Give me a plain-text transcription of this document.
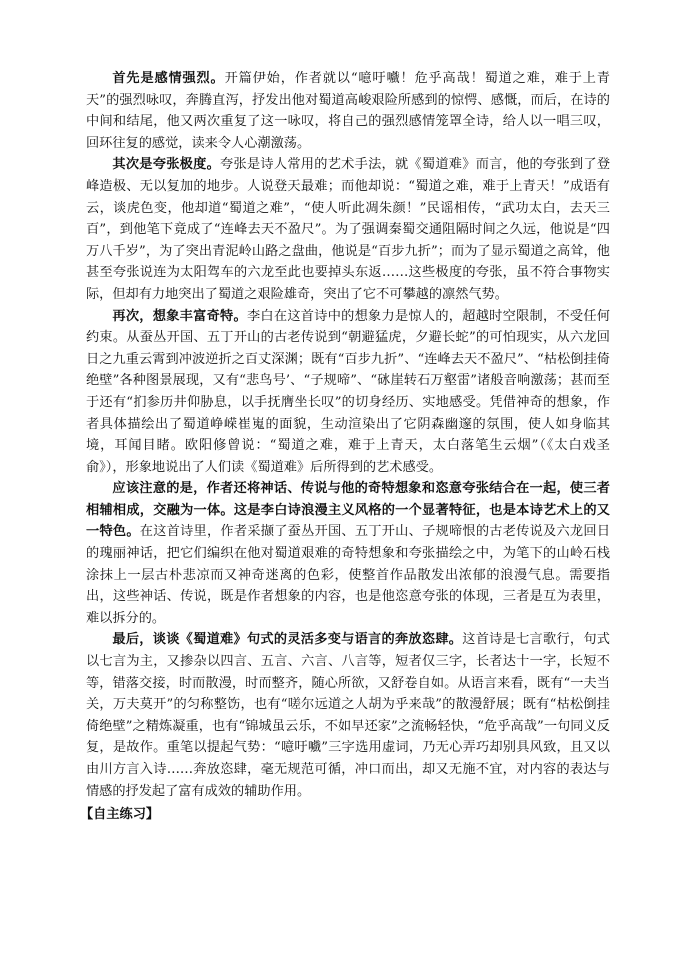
首先是感情强烈。开篇伊始，作者就以“噫吁嚱！危乎高哉！蜀道之难，难于上青天”的强烈咏叹，奔腾直泻，抒发出他对蜀道高峻艰险所感到的惊愕、感慨，而后，在诗的中间和结尾，他又两次重复了这一咏叹，将自己的强烈感情笼罩全诗，给人以一唱三叹，回环往复的感觉，读来令人心潮激荡。

其次是夸张极度。夸张是诗人常用的艺术手法，就《蜀道难》而言，他的夸张到了登峰造极、无以复加的地步。人说登天最难；而他却说：“蜀道之难，难于上青天！”成语有云，谈虎色变，他却道“蜀道之难”，“使人听此凋朱颜！”民谣相传，“武功太白，去天三百”，到他笔下竟成了“连峰去天不盈尺”。为了强调秦蜀交通阻隔时间之久远，他说是“四万八千岁”，为了突出青泥岭山路之盘曲，他说是“百步九折”；而为了显示蜀道之高耸，他甚至夸张说连为太阳驾车的六龙至此也要掉头东返……这些极度的夸张，虽不符合事物实际，但却有力地突出了蜀道之艰险雄奇，突出了它不可攀越的凛然气势。

再次，想象丰富奇特。李白在这首诗中的想象力是惊人的，超越时空限制，不受任何约束。从蚕丛开国、五丁开山的古老传说到“朝避猛虎，夕避长蛇”的可怕现实，从六龙回日之九重云霄到冲波逆折之百丈深渊；既有“百步九折”、“连峰去天不盈尺”、“枯松倒挂倚绝壁”各种图景展现，又有“悲鸟号’、“子规啼”、“砯崖转石万壑雷”诸般音响激荡；甚而至于还有“扪参历井仰胁息，以手抚膺坐长叹”的切身经历、实地感受。凭借神奇的想象，作者具体描绘出了蜀道峥嵘崔嵬的面貌，生动渲染出了它阴森幽邃的氛围，使人如身临其境，耳闻目睹。欧阳修曾说：“蜀道之难，难于上青天，太白落笔生云烟”（《太白戏圣俞》），形象地说出了人们读《蜀道难》后所得到的艺术感受。

应该注意的是，作者还将神话、传说与他的奇特想象和恣意夸张结合在一起，使三者相辅相成，交融为一体。这是李白诗浪漫主义风格的一个显著特征，也是本诗艺术上的又一特色。在这首诗里，作者采撷了蚕丛开国、五丁开山、子规啼恨的古老传说及六龙回日的瑰丽神话，把它们编织在他对蜀道艰难的奇特想象和夸张描绘之中，为笔下的山岭石栈涂抹上一层古朴悲凉而又神奇迷离的色彩，使整首作品散发出浓郁的浪漫气息。需要指出，这些神话、传说，既是作者想象的内容，也是他恣意夸张的体现，三者是互为表里，难以拆分的。

最后，谈谈《蜀道难》句式的灵活多变与语言的奔放恣肆。这首诗是七言歌行，句式以七言为主，又掺杂以四言、五言、六言、八言等，短者仅三字，长者达十一字，长短不等，错落交接，时而散漫，时而整齐，随心所欲，又舒卷自如。从语言来看，既有“一夫当关，万夫莫开”的匀称整饬，也有“嗟尔远道之人胡为乎来哉”的散漫舒展；既有“枯松倒挂倚绝壁”之精炼凝重，也有“锦城虽云乐，不如早还家”之流畅轻快，“危乎高哉”一句同义反复，是故作。重笔以提起气势：“噫吁嚱”三字选用虚词，乃无心弄巧却别具风致，且又以由川方言入诗……奔放恣肆，毫无规范可循，冲口而出，却又无施不宜，对内容的表达与情感的抒发起了富有成效的辅助作用。

【自主练习】
